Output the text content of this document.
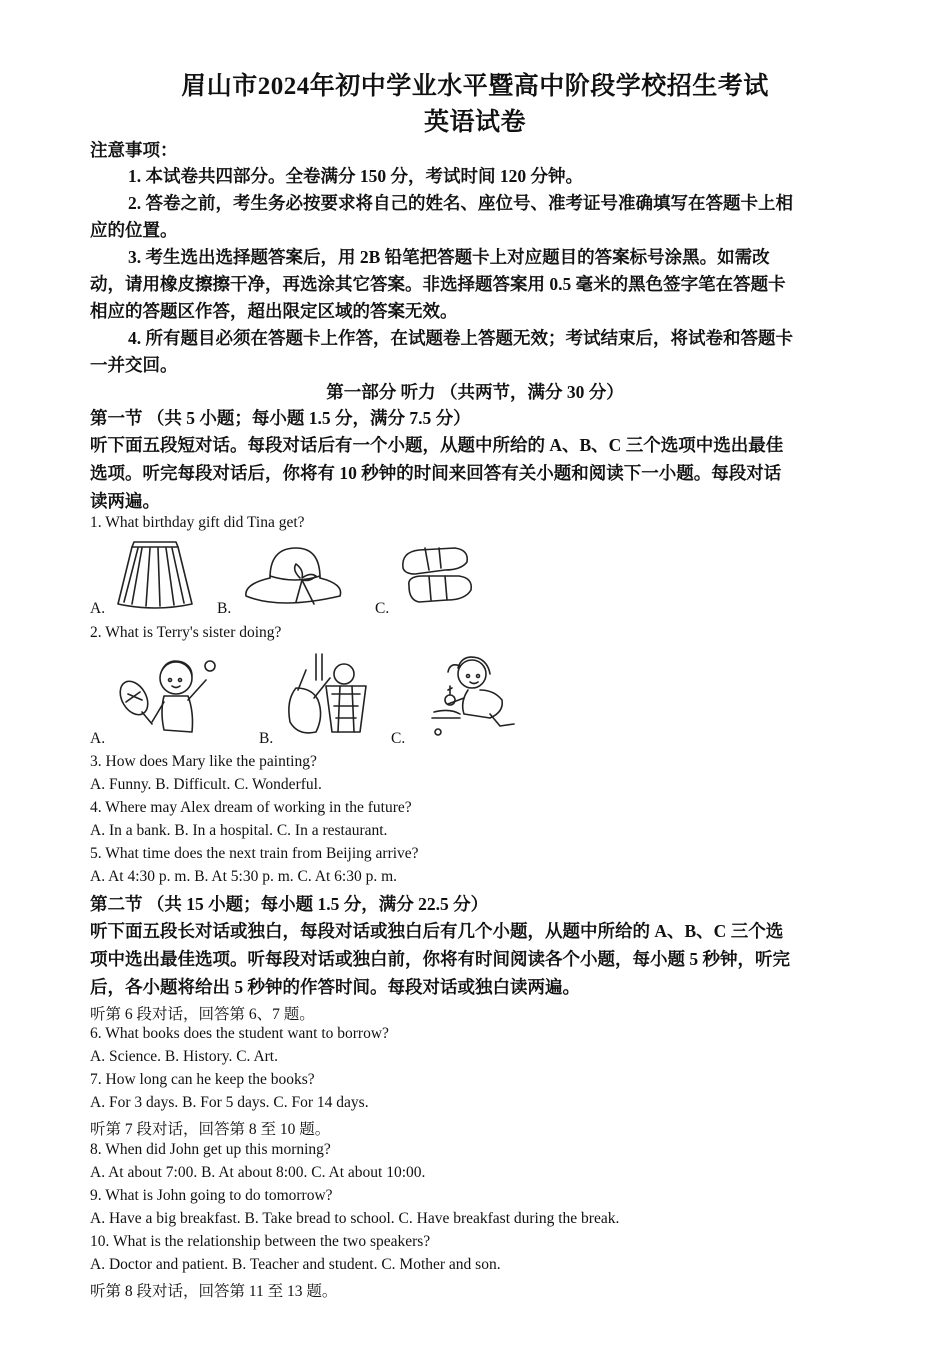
眉山市2024年初中学业水平暨高中阶段学校招生考试
英语试卷
注意事项：
1. 本试卷共四部分。全卷满分 150 分，考试时间 120 分钟。
2. 答卷之前，考生务必按要求将自己的姓名、座位号、准考证号准确填写在答题卡上相
应的位置。
3. 考生选出选择题答案后，用 2B 铅笔把答题卡上对应题目的答案标号涂黑。如需改
动，请用橡皮擦擦干净，再选涂其它答案。非选择题答案用 0.5 毫米的黑色签字笔在答题卡
相应的答题区作答，超出限定区域的答案无效。
4. 所有题目必须在答题卡上作答，在试题卷上答题无效；考试结束后，将试卷和答题卡
一并交回。
第一部分 听力 （共两节，满分 30 分）
第一节 （共 5 小题；每小题 1.5 分，满分 7.5 分）
听下面五段短对话。每段对话后有一个小题，从题中所给的 A、B、C 三个选项中选出最佳
选项。听完每段对话后，你将有 10 秒钟的时间来回答有关小题和阅读下一小题。每段对话
读两遍。
1. What birthday gift did Tina get?
A.	B.	C.
2. What is Terry's sister doing?
A.	B.	C.
3. How does Mary like the painting?
A. Funny. B. Difficult. C. Wonderful.
4. Where may Alex dream of working in the future?
A. In a bank. B. In a hospital. C. In a restaurant.
5. What time does the next train from Beijing arrive?
A. At 4:30 p. m. B. At 5:30 p. m. C. At 6:30 p. m.
第二节 （共 15 小题；每小题 1.5 分，满分 22.5 分）
听下面五段长对话或独白，每段对话或独白后有几个小题，从题中所给的 A、B、C 三个选
项中选出最佳选项。听每段对话或独白前，你将有时间阅读各个小题，每小题 5 秒钟，听完
后，各小题将给出 5 秒钟的作答时间。每段对话或独白读两遍。
听第 6 段对话，回答第 6、7 题。
6. What books does the student want to borrow?
A. Science. B. History. C. Art.
7. How long can he keep the books?
A. For 3 days. B. For 5 days. C. For 14 days.
听第 7 段对话，回答第 8 至 10 题。
8. When did John get up this morning?
A. At about 7:00. B. At about 8:00. C. At about 10:00.
9. What is John going to do tomorrow?
A. Have a big breakfast. B. Take bread to school. C. Have breakfast during the break.
10. What is the relationship between the two speakers?
A. Doctor and patient. B. Teacher and student. C. Mother and son.
听第 8 段对话，回答第 11 至 13 题。
